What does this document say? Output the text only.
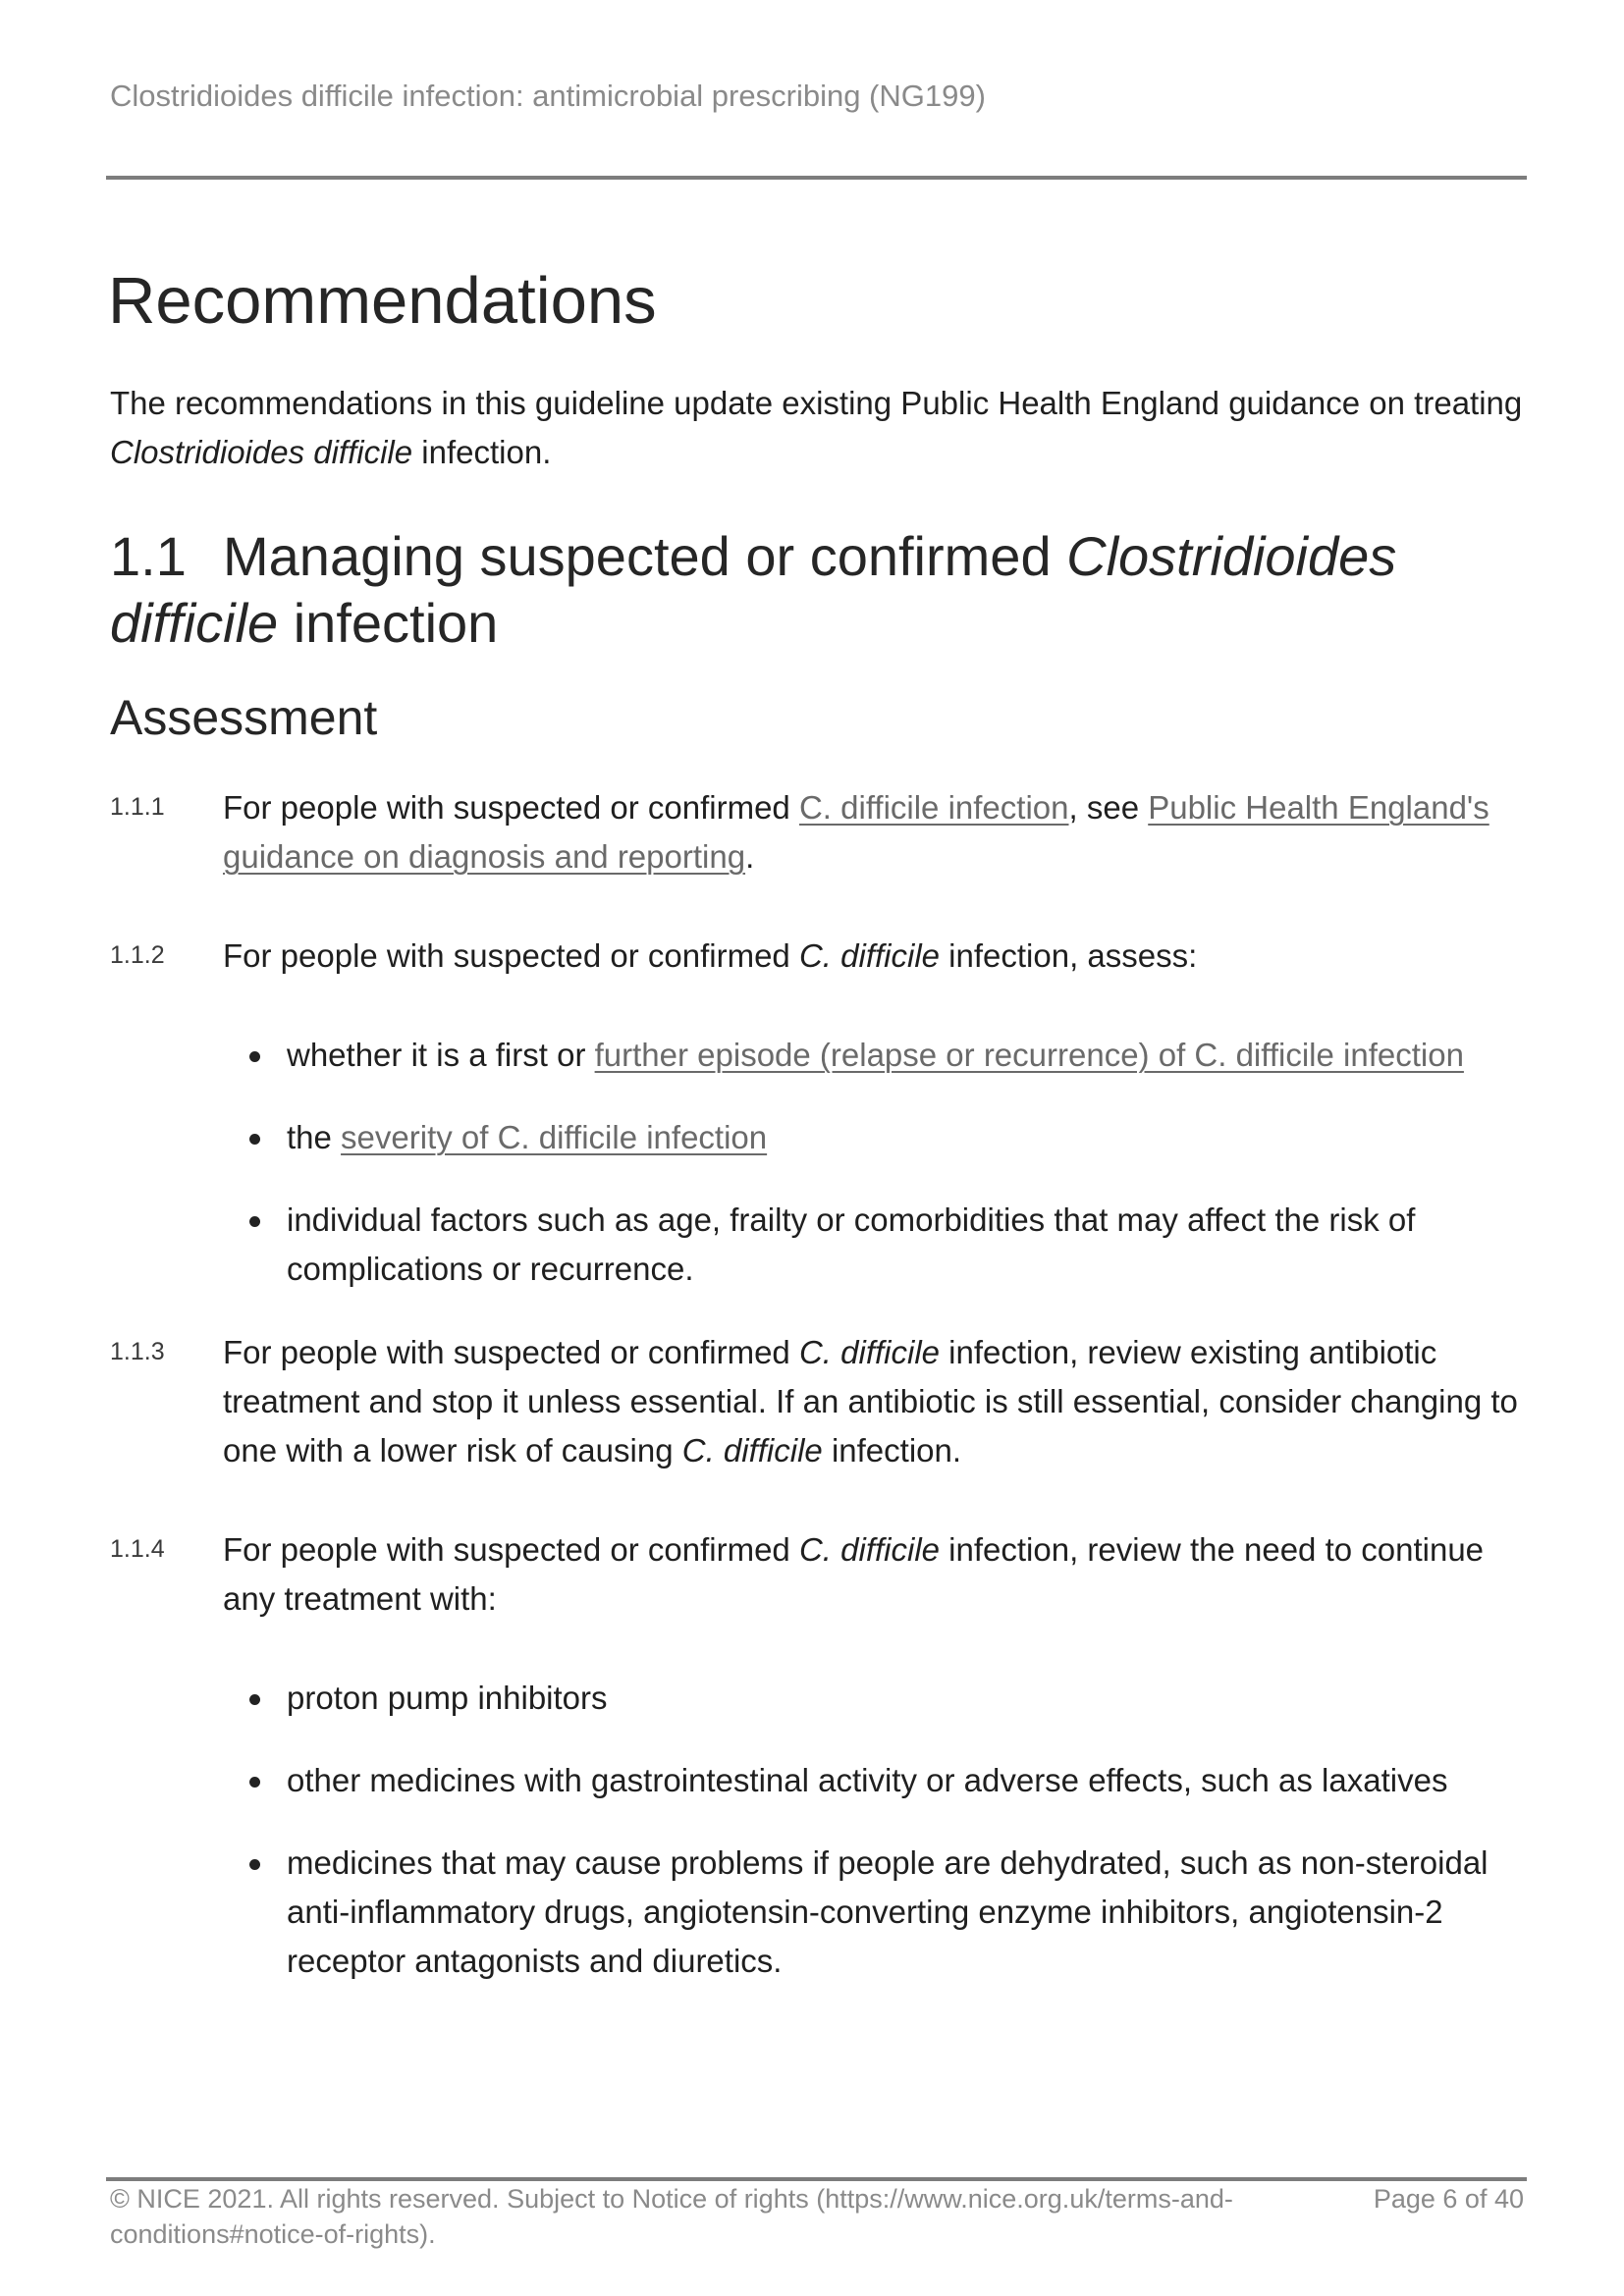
Clostridioides difficile infection: antimicrobial prescribing (NG199)
Recommendations
The recommendations in this guideline update existing Public Health England guidance on treating Clostridioides difficile infection.
1.1 Managing suspected or confirmed Clostridioides difficile infection
Assessment
1.1.1 For people with suspected or confirmed C. difficile infection, see Public Health England's guidance on diagnosis and reporting.
1.1.2 For people with suspected or confirmed C. difficile infection, assess:
whether it is a first or further episode (relapse or recurrence) of C. difficile infection
the severity of C. difficile infection
individual factors such as age, frailty or comorbidities that may affect the risk of complications or recurrence.
1.1.3 For people with suspected or confirmed C. difficile infection, review existing antibiotic treatment and stop it unless essential. If an antibiotic is still essential, consider changing to one with a lower risk of causing C. difficile infection.
1.1.4 For people with suspected or confirmed C. difficile infection, review the need to continue any treatment with:
proton pump inhibitors
other medicines with gastrointestinal activity or adverse effects, such as laxatives
medicines that may cause problems if people are dehydrated, such as non-steroidal anti-inflammatory drugs, angiotensin-converting enzyme inhibitors, angiotensin-2 receptor antagonists and diuretics.
© NICE 2021. All rights reserved. Subject to Notice of rights (https://www.nice.org.uk/terms-and-conditions#notice-of-rights).
Page 6 of 40
